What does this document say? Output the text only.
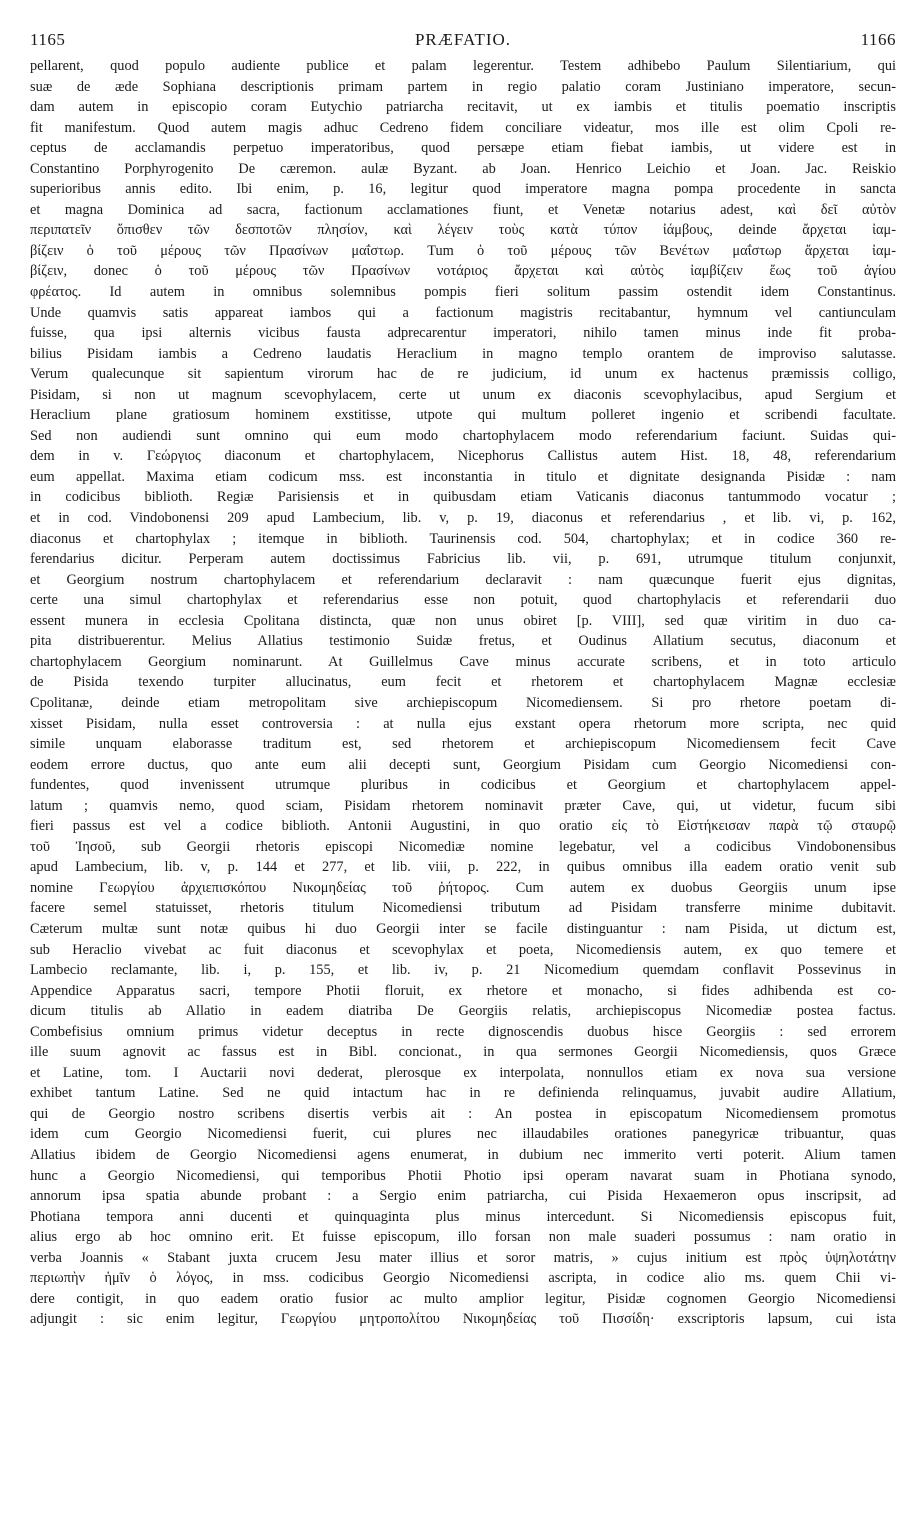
1165	PRÆFATIO.	1166
pellarent, quod populo audiente publice et palam legerentur. Testem adhibebo Paulum Silentiarium, qui
suæ de æde Sophiana descriptionis primam partem in regio palatio coram Justiniano imperatore, secun-
dam autem in episcopio coram Eutychio patriarcha recitavit, ut ex iambis et titulis poematio inscriptis
fit manifestum. Quod autem magis adhuc Cedreno fidem conciliare videatur, mos ille est olim Cpoli re-
ceptus de acclamandis perpetuo imperatoribus, quod persæpe etiam fiebat iambis, ut videre est in
Constantino Porphyrogenito De cæremon. aulæ Byzant. ab Joan. Henrico Leichio et Joan. Jac. Reiskio
superioribus annis edito. Ibi enim, p. 16, legitur quod imperatore magna pompa procedente in sancta
et magna Dominica ad sacra, factionum acclamationes fiunt, et Venetæ notarius adest, καὶ δεῖ αὐτὸν
περιπατεῖν ὄπισθεν τῶν δεσποτῶν πλησίον, καὶ λέγειν τοὺς κατὰ τύπον ἰάμβους, deinde ἄρχεται ἰαμ-
βίζειν ὁ τοῦ μέρους τῶν Πρασίνων μαΐστωρ. Tum ὁ τοῦ μέρους τῶν Βενέτων μαΐστωρ ἄρχεται ἰαμ-
βίζειν, donec ὁ τοῦ μέρους τῶν Πρασίνων νοτάριος ἄρχεται καὶ αὐτὸς ἰαμβίζειν ἕως τοῦ ἁγίου
φρέατος. Id autem in omnibus solemnibus pompis fieri solitum passim ostendit idem Constantinus.
Unde quamvis satis appareat iambos qui a factionum magistris recitabantur, hymnum vel cantiunculam
fuisse, qua ipsi alternis vicibus fausta adprecarentur imperatori, nihilo tamen minus inde fit proba-
bilius Pisidam iambis a Cedreno laudatis Heraclium in magno templo orantem de improviso salutasse.
Verum qualecunque sit sapientum virorum hac de re judicium, id unum ex hactenus præmissis colligo,
Pisidam, si non ut magnum scevophylacem, certe ut unum ex diaconis scevophylacibus, apud Sergium et
Heraclium plane gratiosum hominem exstitisse, utpote qui multum polleret ingenio et scribendi facultate.
Sed non audiendi sunt omnino qui eum modo chartophylacem modo referendarium faciunt. Suidas qui-
dem in v. Γεώργιος diaconum et chartophylacem, Nicephorus Callistus autem Hist. 18, 48, referendarium
eum appellat. Maxima etiam codicum mss. est inconstantia in titulo et dignitate designanda Pisidæ : nam
in codicibus biblioth. Regiæ Parisiensis et in quibusdam etiam Vaticanis diaconus tantummodo vocatur ;
et in cod. Vindobonensi 209 apud Lambecium, lib. v, p. 19, diaconus et referendarius , et lib. vi, p. 162,
diaconus et chartophylax ; itemque in biblioth. Taurinensis cod. 504, chartophylax; et in codice 360 re-
ferendarius dicitur. Perperam autem doctissimus Fabricius lib. vii, p. 691, utrumque titulum conjunxit,
et Georgium nostrum chartophylacem et referendarium declaravit : nam quæcunque fuerit ejus dignitas,
certe una simul chartophylax et referendarius esse non potuit, quod chartophylacis et referendarii duo
essent munera in ecclesia Cpolitana distincta, quæ non unus obiret [p. VIII], sed quæ viritim in duo ca-
pita distribuerentur. Melius Allatius testimonio Suidæ fretus, et Oudinus Allatium secutus, diaconum et
chartophylacem Georgium nominarunt. At Guillelmus Cave minus accurate scribens, et in toto articulo
de Pisida texendo turpiter allucinatus, eum fecit et rhetorem et chartophylacem Magnæ ecclesiæ
Cpolitanæ, deinde etiam metropolitam sive archiepiscopum Nicomediensem. Si pro rhetore poetam di-
xisset Pisidam, nulla esset controversia : at nulla ejus exstant opera rhetorum more scripta, nec quid
simile unquam elaborasse traditum est, sed rhetorem et archiepiscopum Nicomediensem fecit Cave
eodem errore ductus, quo ante eum alii decepti sunt, Georgium Pisidam cum Georgio Nicomediensi con-
fundentes, quod invenissent utrumque pluribus in codicibus et Georgium et chartophylacem appel-
latum ; quamvis nemo, quod sciam, Pisidam rhetorem nominavit præter Cave, qui, ut videtur, fucum sibi
fieri passus est vel a codice biblioth. Antonii Augustini, in quo oratio εἰς τὸ Εἱστήκεισαν παρὰ τῷ σταυρῷ
τοῦ Ἰησοῦ, sub Georgii rhetoris episcopi Nicomediæ nomine legebatur, vel a codicibus Vindobonensibus
apud Lambecium, lib. v, p. 144 et 277, et lib. viii, p. 222, in quibus omnibus illa eadem oratio venit sub
nomine Γεωργίου ἀρχιεπισκόπου Νικομηδείας τοῦ ῥήτορος. Cum autem ex duobus Georgiis unum ipse
facere semel statuisset, rhetoris titulum Nicomediensi tributum ad Pisidam transferre minime dubitavit.
Cæterum multæ sunt notæ quibus hi duo Georgii inter se facile distinguantur : nam Pisida, ut dictum est,
sub Heraclio vivebat ac fuit diaconus et scevophylax et poeta, Nicomediensis autem, ex quo temere et
Lambecio reclamante, lib. i, p. 155, et lib. iv, p. 21 Nicomedium quemdam conflavit Possevinus in
Appendice Apparatus sacri, tempore Photii floruit, ex rhetore et monacho, si fides adhibenda est co-
dicum titulis ab Allatio in eadem diatriba De Georgiis relatis, archiepiscopus Nicomediæ postea factus.
Combefisius omnium primus videtur deceptus in recte dignoscendis duobus hisce Georgiis : sed errorem
ille suum agnovit ac fassus est in Bibl. concionat., in qua sermones Georgii Nicomediensis, quos Græce
et Latine, tom. I Auctarii novi dederat, plerosque ex interpolata, nonnullos etiam ex nova sua versione
exhibet tantum Latine. Sed ne quid intactum hac in re definienda relinquamus, juvabit audire Allatium,
qui de Georgio nostro scribens disertis verbis ait : An postea in episcopatum Nicomediensem promotus
idem cum Georgio Nicomediensi fuerit, cui plures nec illaudabiles orationes panegyricæ tribuantur, quas
Allatius ibidem de Georgio Nicomediensi agens enumerat, in dubium nec immerito verti poterit. Alium tamen
hunc a Georgio Nicomediensi, qui temporibus Photii Photio ipsi operam navarat suam in Photiana synodo,
annorum ipsa spatia abunde probant : a Sergio enim patriarcha, cui Pisida Hexaemeron opus inscripsit, ad
Photiana tempora anni ducenti et quinquaginta plus minus intercedunt. Si Nicomediensis episcopus fuit,
alius ergo ab hoc omnino erit. Et fuisse episcopum, illo forsan non male suaderi possumus : nam oratio in
verba Joannis « Stabant juxta crucem Jesu mater illius et soror matris, » cujus initium est πρὸς ὑψηλοτάτην
περιωπὴν ἡμῖν ὁ λόγος, in mss. codicibus Georgio Nicomediensi ascripta, in codice alio ms. quem Chii vi-
dere contigit, in quo eadem oratio fusior ac multo amplior legitur, Pisidæ cognomen Georgio Nicomediensi
adjungit : sic enim legitur, Γεωργίου μητροπολίτου Νικομηδείας τοῦ Πισσίδη· exscriptoris lapsum, cui ista
